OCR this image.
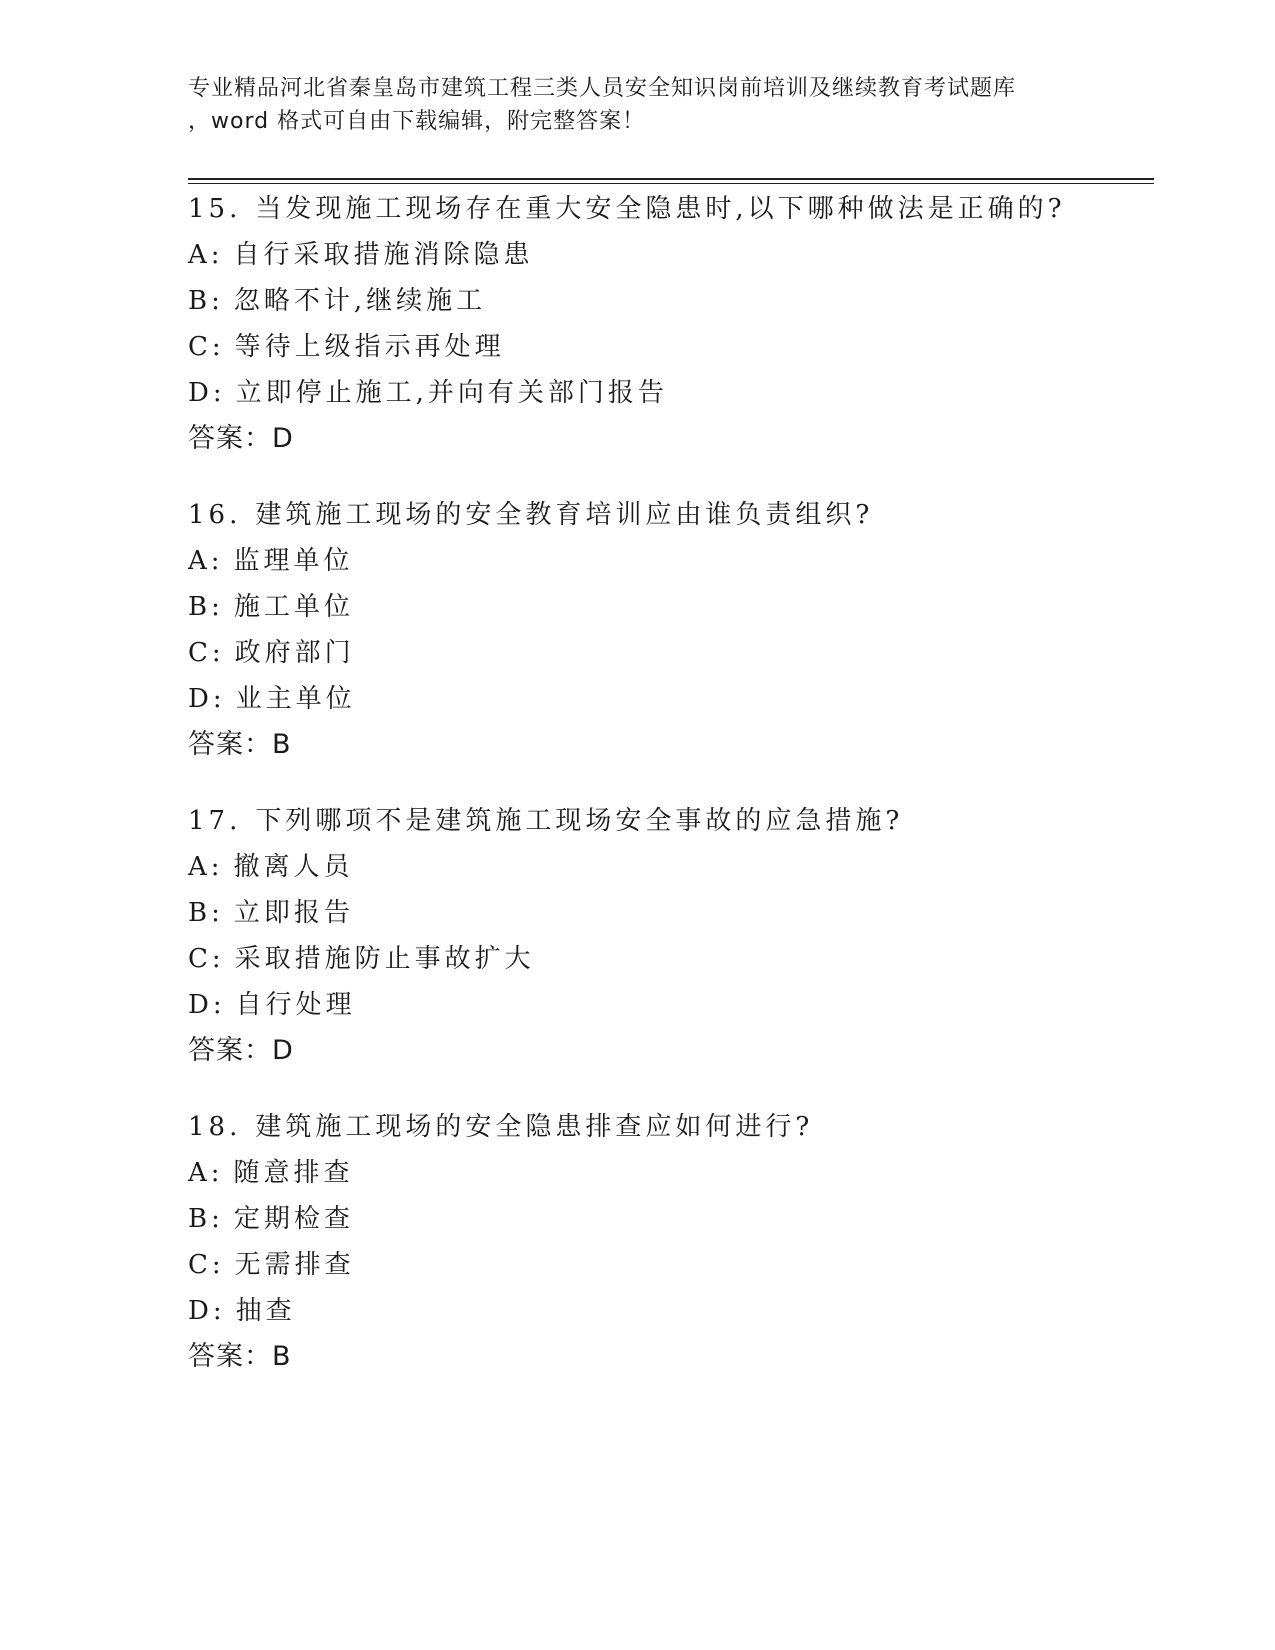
专业精品河北省秦皇岛市建筑工程三类人员安全知识岗前培训及继续教育考试题库
，word 格式可自由下载编辑，附完整答案！
15. 当发现施工现场存在重大安全隐患时,以下哪种做法是正确的?
A: 自行采取措施消除隐患
B: 忽略不计,继续施工
C: 等待上级指示再处理
D: 立即停止施工,并向有关部门报告
答案：D
16. 建筑施工现场的安全教育培训应由谁负责组织?
A: 监理单位
B: 施工单位
C: 政府部门
D: 业主单位
答案：B
17. 下列哪项不是建筑施工现场安全事故的应急措施?
A: 撤离人员
B: 立即报告
C: 采取措施防止事故扩大
D: 自行处理
答案：D
18. 建筑施工现场的安全隐患排查应如何进行?
A: 随意排查
B: 定期检查
C: 无需排查
D: 抽查
答案：B
